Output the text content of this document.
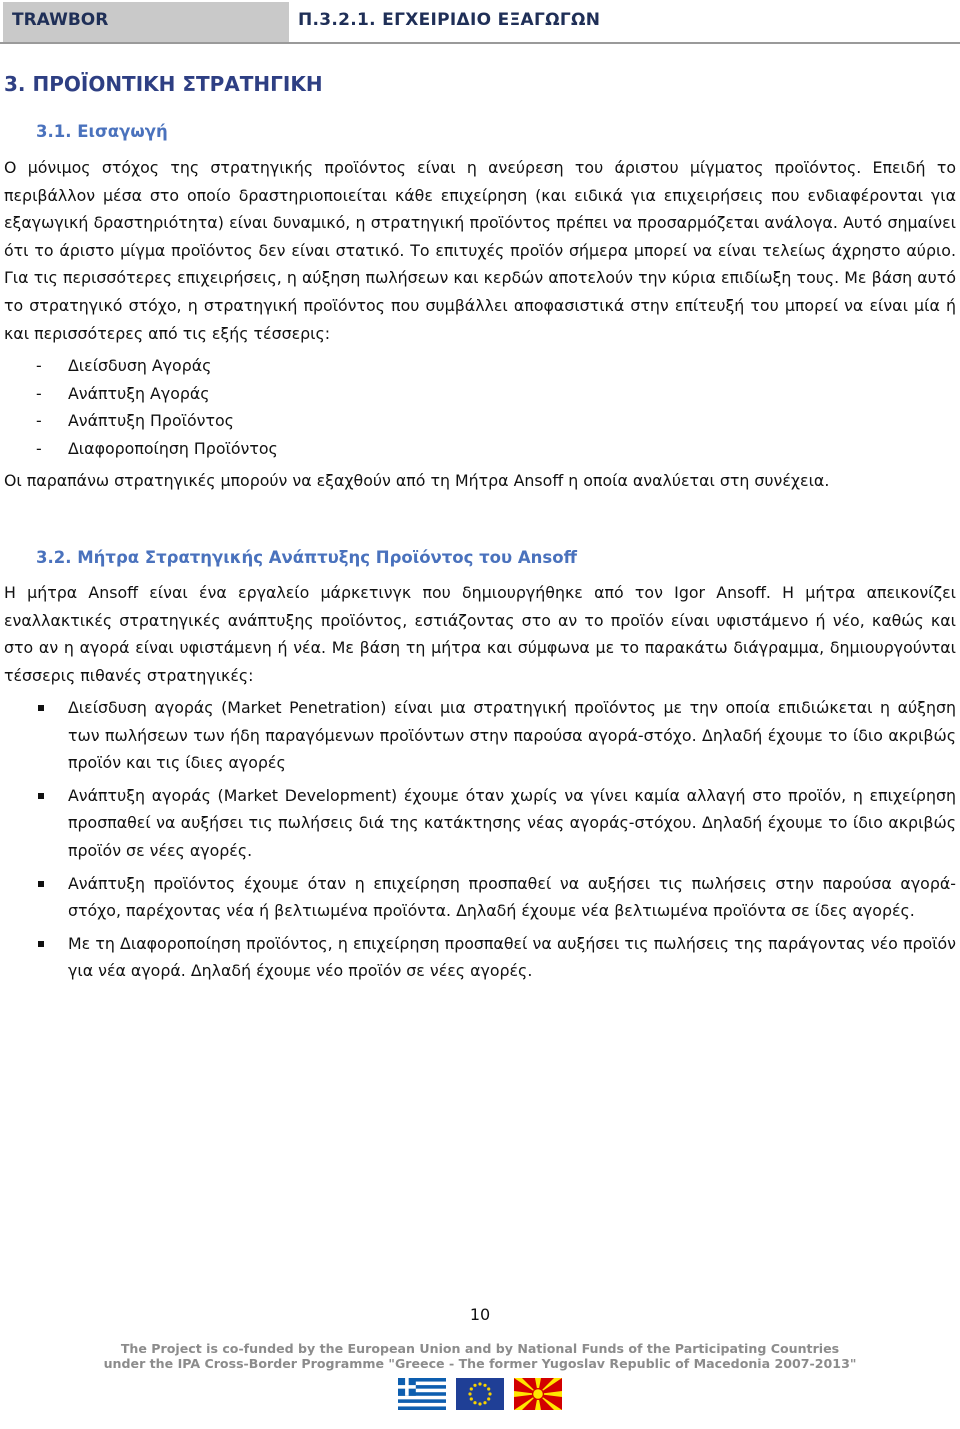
TRAWBOR	Π.3.2.1. ΕΓΧΕΙΡΙΔΙΟ ΕΞΑΓΩΓΩΝ
3. ΠΡΟΪΟΝΤΙΚΗ ΣΤΡΑΤΗΓΙΚΗ
3.1. Εισαγωγή

Ο μόνιμος στόχος της στρατηγικής προϊόντος είναι η ανεύρεση του άριστου μίγματος προϊόντος. Επειδή το περιβάλλον μέσα στο οποίο δραστηριοποιείται κάθε επιχείρηση (και ειδικά για επιχειρήσεις που ενδιαφέρονται για εξαγωγική δραστηριότητα) είναι δυναμικό, η στρατηγική προϊόντος πρέπει να προσαρμόζεται ανάλογα. Αυτό σημαίνει ότι το άριστο μίγμα προϊόντος δεν είναι στατικό. Το επιτυχές προϊόν σήμερα μπορεί να είναι τελείως άχρηστο αύριο. Για τις περισσότερες επιχειρήσεις, η αύξηση πωλήσεων και κερδών αποτελούν την κύρια επιδίωξη τους. Με βάση αυτό το στρατηγικό στόχο, η στρατηγική προϊόντος που συμβάλλει αποφασιστικά στην επίτευξή του μπορεί να είναι μία ή και περισσότερες από τις εξής τέσσερις:

- Διείσδυση Αγοράς
- Ανάπτυξη Αγοράς
- Ανάπτυξη Προϊόντος
- Διαφοροποίηση Προϊόντος

Οι παραπάνω στρατηγικές μπορούν να εξαχθούν από τη Μήτρα Ansoff η οποία αναλύεται στη συνέχεια.

3.2. Μήτρα Στρατηγικής Ανάπτυξης Προϊόντος του Ansoff

Η μήτρα Ansoff είναι ένα εργαλείο μάρκετινγκ που δημιουργήθηκε από τον Igor Ansoff. Η μήτρα απεικονίζει εναλλακτικές στρατηγικές ανάπτυξης προϊόντος, εστιάζοντας στο αν το προϊόν είναι υφιστάμενο ή νέο, καθώς και στο αν η αγορά είναι υφιστάμενη ή νέα. Με βάση τη μήτρα και σύμφωνα με το παρακάτω διάγραμμα, δημιουργούνται τέσσερις πιθανές στρατηγικές:

Διείσδυση αγοράς (Market Penetration) είναι μια στρατηγική προϊόντος με την οποία επιδιώκεται η αύξηση των πωλήσεων των ήδη παραγόμενων προϊόντων στην παρούσα αγορά-στόχο. Δηλαδή έχουμε το ίδιο ακριβώς προϊόν και τις ίδιες αγορές
Ανάπτυξη αγοράς (Market Development) έχουμε όταν χωρίς να γίνει καμία αλλαγή στο προϊόν, η επιχείρηση προσπαθεί να αυξήσει τις πωλήσεις διά της κατάκτησης νέας αγοράς-στόχου. Δηλαδή έχουμε το ίδιο ακριβώς προϊόν σε νέες αγορές.
Ανάπτυξη προϊόντος έχουμε όταν η επιχείρηση προσπαθεί να αυξήσει τις πωλήσεις στην παρούσα αγορά-στόχο, παρέχοντας νέα ή βελτιωμένα προϊόντα. Δηλαδή έχουμε νέα βελτιωμένα προϊόντα σε ίδες αγορές.
Με τη Διαφοροποίηση προϊόντος, η επιχείρηση προσπαθεί να αυξήσει τις πωλήσεις της παράγοντας νέο προϊόν για νέα αγορά. Δηλαδή έχουμε νέο προϊόν σε νέες αγορές.
10
The Project is co-funded by the European Union and by National Funds of the Participating Countries
under the IPA Cross-Border Programme "Greece - The former Yugoslav Republic of Macedonia 2007-2013"
